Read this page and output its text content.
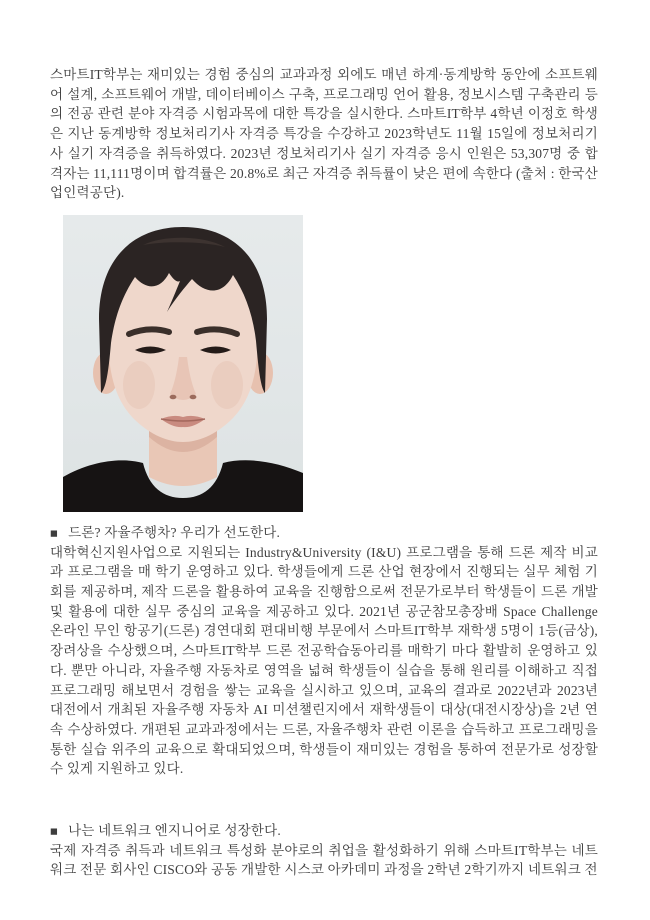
스마트IT학부는 재미있는 경험 중심의 교과과정 외에도 매년 하계·동계방학 동안에 소프트웨어 설계, 소프트웨어 개발, 데이터베이스 구축, 프로그래밍 언어 활용, 정보시스템 구축관리 등의 전공 관련 분야 자격증 시험과목에 대한 특강을 실시한다. 스마트IT학부 4학년 이정호 학생은 지난 동계방학 정보처리기사 자격증 특강을 수강하고 2023학년도 11월 15일에 정보처리기사 실기 자격증을 취득하였다. 2023년 정보처리기사 실기 자격증 응시 인원은 53,307명 중 합격자는 11,111명이며 합격률은 20.8%로 최근 자격증 취득률이 낮은 편에 속한다 (출처 : 한국산업인력공단).

■ 드론? 자율주행차? 우리가 선도한다.

대학혁신지원사업으로 지원되는 Industry&University (I&U) 프로그램을 통해 드론 제작 비교과 프로그램을 매 학기 운영하고 있다. 학생들에게 드론 산업 현장에서 진행되는 실무 체험 기회를 제공하며, 제작 드론을 활용하여 교육을 진행함으로써 전문가로부터 학생들이 드론 개발 및 활용에 대한 실무 중심의 교육을 제공하고 있다. 2021년 공군참모총장배 Space Challenge 온라인 무인 항공기(드론) 경연대회 편대비행 부문에서 스마트IT학부 재학생 5명이 1등(금상), 장려상을 수상했으며, 스마트IT학부 드론 전공학습동아리를 매학기 마다 활발히 운영하고 있다. 뿐만 아니라, 자율주행 자동차로 영역을 넓혀 학생들이 실습을 통해 원리를 이해하고 직접 프로그래밍 해보면서 경험을 쌓는 교육을 실시하고 있으며, 교육의 결과로 2022년과 2023년 대전에서 개최된 자율주행 자동차 AI 미션챌린지에서 재학생들이 대상(대전시장상)을 2년 연속 수상하였다. 개편된 교과과정에서는 드론, 자율주행차 관련 이론을 습득하고 프로그래밍을 통한 실습 위주의 교육으로 확대되었으며, 학생들이 재미있는 경험을 통하여 전문가로 성장할 수 있게 지원하고 있다.

■ 나는 네트워크 엔지니어로 성장한다.

국제 자격증 취득과 네트워크 특성화 분야로의 취업을 활성화하기 위해 스마트IT학부는 네트워크 전문 회사인 CISCO와 공동 개발한 시스코 아카데미 과정을 2학년 2학기까지 네트워크 전
